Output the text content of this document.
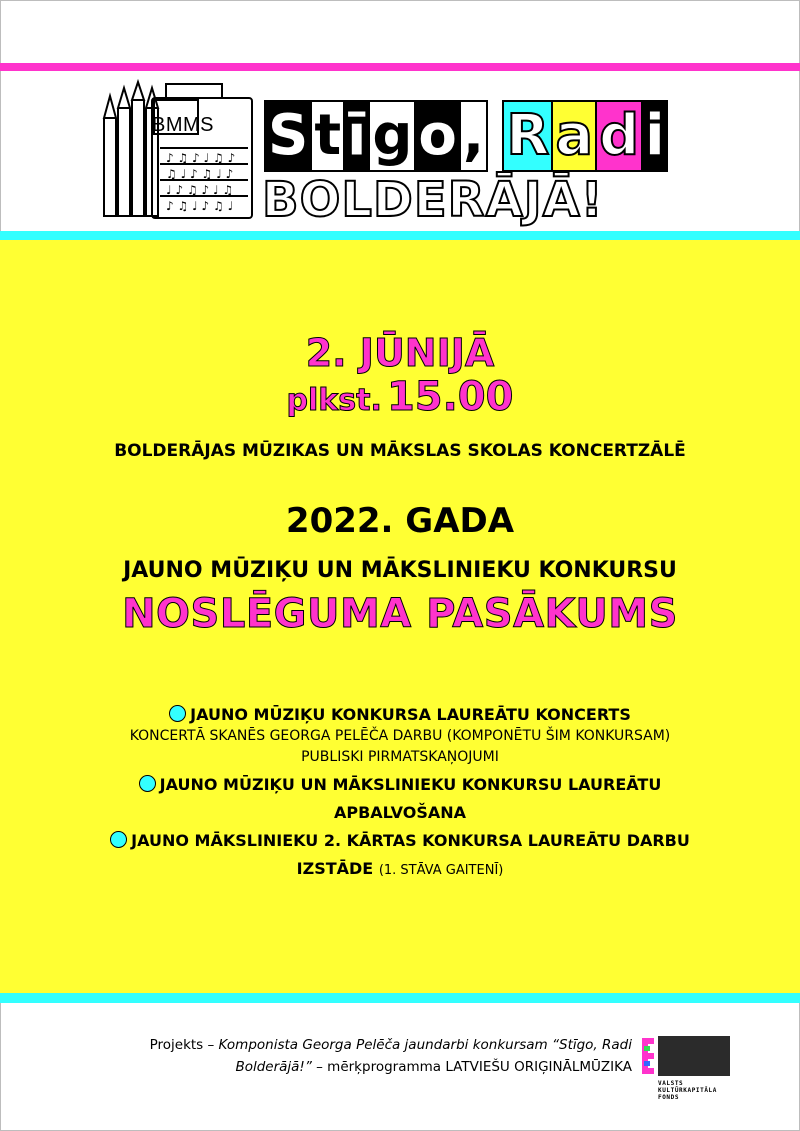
♪ ♫ ♪ ♩ ♫ ♪
♫ ♩ ♪ ♫ ♩ ♪
♩ ♪ ♫ ♪ ♩ ♫
♪ ♫ ♩ ♪ ♫ ♩
BMMS S t ī g o , R a d i
BOLDERĀJĀ!
2. JŪNIJĀ
plkst. 15.00
BOLDERĀJAS MŪZIKAS UN MĀKSLAS SKOLAS KONCERTZĀLĒ
2022. GADA
JAUNO MŪZIĶU UN MĀKSLINIEKU KONKURSU
NOSLĒGUMA PASĀKUMS
JAUNO MŪZIĶU KONKURSA LAUREĀTU KONCERTS
KONCERTĀ SKANĒS GEORGA PELĒČA DARBU (KOMPONĒTU ŠIM KONKURSAM)
PUBLISKI PIRMATSKAŅOJUMI
JAUNO MŪZIĶU UN MĀKSLINIEKU KONKURSU LAUREĀTU
APBALVOŠANA
JAUNO MĀKSLINIEKU 2. KĀRTAS KONKURSA LAUREĀTU DARBU
IZSTĀDE (1. STĀVA GAITENĪ)
Projekts – Komponista Georga Pelēča jaundarbi konkursam “Stīgo, Radi
Bolderājā!” – mērķprogramma LATVIEŠU ORIĢINĀLMŪZIKA
VALSTS
KULTŪRKAPITĀLA FONDS
